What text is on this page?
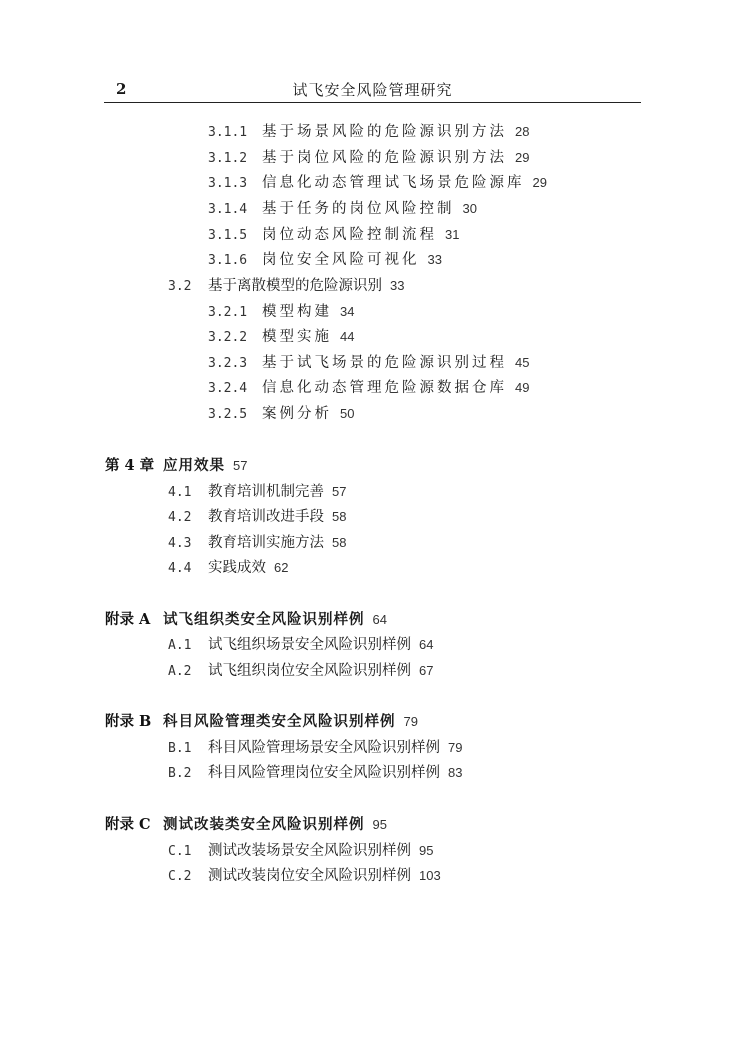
2	试飞安全风险管理研究
3.1.1 基于场景风险的危险源识别方法 28
3.1.2 基于岗位风险的危险源识别方法 29
3.1.3 信息化动态管理试飞场景危险源库 29
3.1.4 基于任务的岗位风险控制 30
3.1.5 岗位动态风险控制流程 31
3.1.6 岗位安全风险可视化 33
3.2 基于离散模型的危险源识别 33
3.2.1 模型构建 34
3.2.2 模型实施 44
3.2.3 基于试飞场景的危险源识别过程 45
3.2.4 信息化动态管理危险源数据仓库 49
3.2.5 案例分析 50
第 4 章 应用效果 57
4.1 教育培训机制完善 57
4.2 教育培训改进手段 58
4.3 教育培训实施方法 58
4.4 实践成效 62
附录 A 试飞组织类安全风险识别样例 64
A.1 试飞组织场景安全风险识别样例 64
A.2 试飞组织岗位安全风险识别样例 67
附录 B 科目风险管理类安全风险识别样例 79
B.1 科目风险管理场景安全风险识别样例 79
B.2 科目风险管理岗位安全风险识别样例 83
附录 C 测试改装类安全风险识别样例 95
C.1 测试改装场景安全风险识别样例 95
C.2 测试改装岗位安全风险识别样例 103
